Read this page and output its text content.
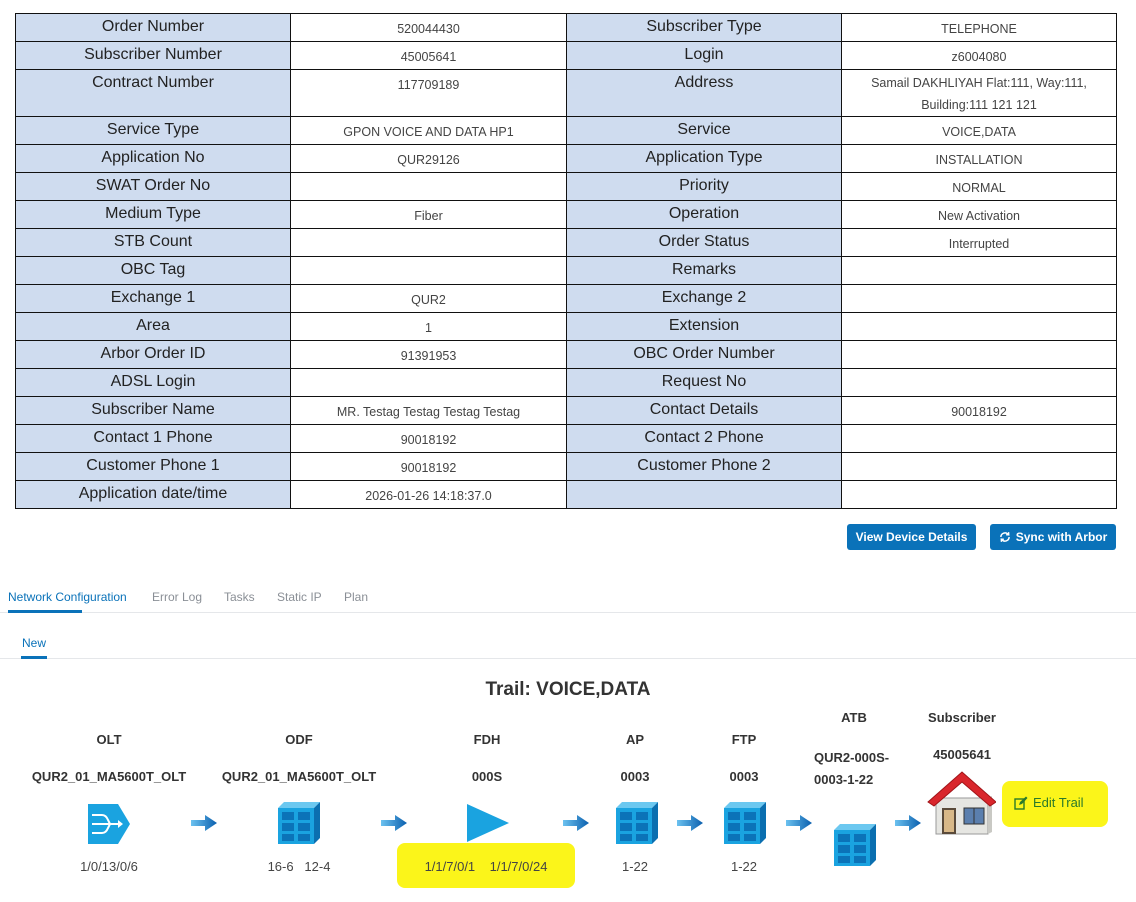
Order Number	520044430	Subscriber Type	TELEPHONE
Subscriber Number	45005641	Login	z6004080
Contract Number	117709189	Address	Samail DAKHLIYAH Flat:111, Way:111, Building:111 121 121
Service Type	GPON VOICE AND DATA HP1	Service	VOICE,DATA
Application No	QUR29126	Application Type	INSTALLATION
SWAT Order No		Priority	NORMAL
Medium Type	Fiber	Operation	New Activation
STB Count		Order Status	Interrupted
OBC Tag		Remarks	
Exchange 1	QUR2	Exchange 2	
Area	1	Extension	
Arbor Order ID	91391953	OBC Order Number	
ADSL Login		Request No	
Subscriber Name	MR. Testag Testag Testag Testag	Contact Details	90018192
Contact 1 Phone	90018192	Contact 2 Phone	
Customer Phone 1	90018192	Customer Phone 2	
Application date/time	2026-01-26 14:18:37.0		
View Device Details	Sync with Arbor
Network Configuration Error Log Tasks Static IP Plan
New
Trail: VOICE,DATA
OLT	ODF	FDH	AP	FTP
ATB	Subscriber
QUR2_01_MA5600T_OLT	QUR2_01_MA5600T_OLT	000S	0003	0003
QUR2-000S-0003-1-22
45005641
1/0/13/0/6	16-6   12-4	1/1/7/0/1    1/1/7/0/24	1-22	1-22
Edit Trail
